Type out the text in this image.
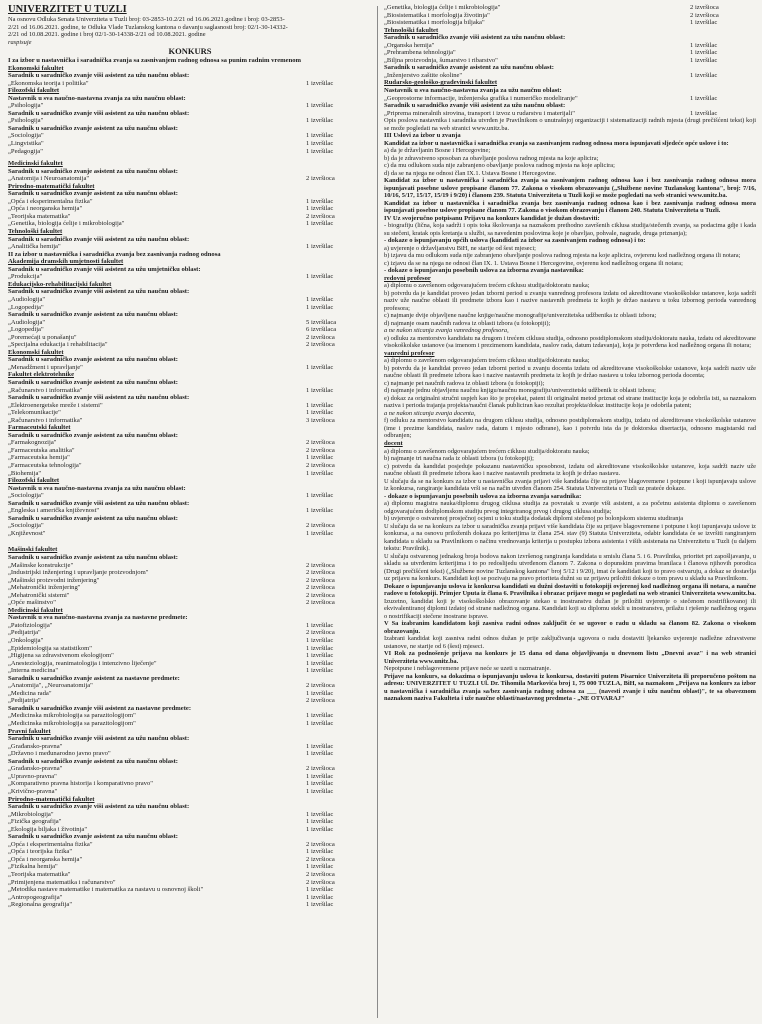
UNIVERZITET U TUZLI
Na osnovu Odluka Senata Univerziteta u Tuzli broj: 03-2853-10.2/21 od 16.06.2021.godine i broj: 03-2853-
2/21 od 16.06.2021. godine, te Odluka Vlade Tuzlanskog kantona o davanju saglasnosti broj: 02/1-30-14332-
2/21 od 10.08.2021. godine i broj 02/1-30-14338-2/21 od 10.08.2021. godine
raspisuje
KONKURS
I za izbor u nastavnička i saradnička zvanja sa zasnivanjem radnog odnosa sa punim radnim vremenom
Ekonomski fakultet
Saradnik u saradničko zvanje viši asistent za užu naučnu oblast:
„Ekonomska teorija i politika"	1 izvršilac
Filozofski fakultet
Nastavnik u sva naučno-nastavna zvanja za užu naučnu oblast:
„Psihologija"	1 izvršilac
Saradnik u saradničko zvanje viši asistent za užu naučnu oblast:
„Psihologija"	1 izvršilac
Saradnik u saradničko zvanje asistent za užu naučnu oblast:
„Sociologija"	1 izvršilac
„Lingvistika"	1 izvršilac
„Pedagogija"	1 izvršilac
Medicinski fakultet
Saradnik u saradničko zvanje asistent za užu naučnu oblast:
„Anatomija i Neuroanatomija"	2 izvršioca
Prirodno-matematički fakultet
Saradnik u saradničko zvanje asistent za užu naučnu oblast:
„Opća i eksperimentalna fizika"	1 izvršilac
„Opća i neorganska hemija"	1 izvršilac
„Teorijska matematika"	2 izvršioca
„Genetika, biologija ćelije i mikrobiologija"	1 izvršilac
Tehnološki fakultet
Saradnik u saradničko zvanje viši asistent za užu naučnu oblast:
„Analitička hemija"	1 izvršilac
II za izbor u nastavnička i saradnička zvanja bez zasnivanja radnog odnosa
Akademija dramskih umjetnosti fakultet
Saradnik u saradničko zvanje viši asistent za užu umjetničku oblast:
„Produkcija"	1 izvršilac
Edukacijsko-rehabilitacijski fakultet
Saradnik u saradničko zvanje viši asistent za užu naučnu oblast:
„Audiologija"	1 izvršilac
„Logopedija"	1 izvršilac
Saradnik u saradničko zvanje asistent za užu naučnu oblast:
„Audiologija"	5 izvršilaca
„Logopedija"	6 izvršilaca
„Poremećaji u ponašanju"	2 izvršioca
„Specijalna edukacija i rehabilitacija"	2 izvršioca
Ekonomski fakultet
Saradnik u saradničko zvanje asistent za užu naučnu oblast:
„Menadžment i upravljanje"	1 izvršilac
Fakultet elektrotehnike
Saradnik u saradničko zvanje asistent za užu naučnu oblast:
„Računarstvo i informatika"	1 izvršilac
Saradnik u saradničko zvanje viši asistent za užu naučnu oblast:
„Elektroenergetske mreže i sistemi"	1 izvršilac
„Telekomunikacije"	1 izvršilac
„Računarstvo i informatika"	3 izvršioca
Farmaceutski fakultet
Saradnik u saradničko zvanje asistent za užu naučnu oblast:
„Farmakognozija"	2 izvršioca
„Farmaceutska analitika"	2 izvršioca
„Farmaceutska hemija"	1 izvršilac
„Farmaceutska tehnologija"	2 izvršioca
„Biohemija"	1 izvršilac
Filozofski fakultet
Nastavnik u sva naučno-nastavna zvanja za užu naučnu oblast:
„Sociologija"	1 izvršilac
Saradnik u saradničko zvanje viši asistent za užu naučnu oblast:
„Engleska i američka književnost"	1 izvršilac
Saradnik u saradničko zvanje asistent za užu naučnu oblast:
„Sociologija"	2 izvršioca
„Književnost"	1 izvršilac
Mašinski fakultet
Saradnik u saradničko zvanje asistent za užu naučnu oblast:
„Mašinske konstrukcije"	2 izvršioca
„Industrijski inženjering i upravljanje proizvodnjom"	2 izvršioca
„Mašinski proizvodni inženjering"	2 izvršioca
„Mehatronički inženjering"	2 izvršioca
„Mehatronički sistemi"	2 izvršioca
„Opće mašinstvo"	2 izvršioca
Medicinski fakultet
Nastavnik u sva naučno-nastavna zvanja za nastavne predmete:
„Patofiziologija"	1 izvršilac
„Pedijatrija"	2 izvršioca
„Onkologija"	1 izvršilac
„Epidemiologija sa statistikom"	1 izvršilac
„Higijena sa zdravstvenom ekologijom"	1 izvršilac
„Anesteziologija, reanimatologija i intenzivno liječenje"	1 izvršilac
„Interna medicina"	1 izvršilac
Saradnik u saradničko zvanje asistent za nastavne predmete:
„Anatomija", „Neuroanatomija"	2 izvršioca
„Medicina rada"	1 izvršilac
„Pedijatrija"	2 izvršioca
Saradnik u saradničko zvanje viši asistent za nastavne predmete:
„Medicinska mikrobiologija sa parazitologijom"	1 izvršilac
„Medicinska mikrobiologija sa parazitologijom"	1 izvršilac
Pravni fakultet
Saradnik u saradničko zvanje viši asistent za užu naučnu oblast:
„Građansko-pravna"	1 izvršilac
„Državno i međunarodno javno pravo"	1 izvršilac
Saradnik u saradničko zvanje asistent za užu naučnu oblast:
„Građansko-pravna"	2 izvršioca
„Upravno-pravna"	1 izvršilac
„Komparativno pravna historija i komparativno pravo"	1 izvršilac
„Krivično-pravna"	1 izvršilac
Prirodno-matematički fakultet
Saradnik u saradničko zvanje viši asistent za užu naučnu oblast:
„Mikrobiologija"	1 izvršilac
„Fizička geografija"	1 izvršilac
„Ekologija biljaka i životinja"	1 izvršilac
Saradnik u saradničko zvanje asistent za užu naučnu oblast:
„Opća i eksperimentalna fizika"	2 izvršioca
„Opća i teorijska fizika"	1 izvršilac
„Opća i neorganska hemija"	2 izvršioca
„Fizikalna hemija"	1 izvršilac
„Teorijska matematika"	2 izvršioca
„Primijenjena matematika i računarstvo"	2 izvršioca
„Metodika nastave matematike i matematika za nastavu u osnovnoj školi"	1 izvršilac
„Antropogeografija"	1 izvršilac
„Regionalna geografija"	1 izvršilac
„Genetika, biologija ćelije i mikrobiologija"	2 izvršioca
„Biosistematika i morfologija životinja"	2 izvršioca
„Biosistematika i morfologija biljaka"	1 izvršilac
Tehnološki fakultet
Saradnik u saradničko zvanje viši asistent za užu naučnu oblast:
„Organska hemija"	1 izvršilac
„Prehrambena tehnologija"	1 izvršilac
„Biljna proizvodnja, šumarstvo i ribarstvo"	1 izvršilac
Saradnik u saradničko zvanje asistent za užu naučnu oblast:
„Inženjerstvo zaštite okoline"	1 izvršilac
Rudarsko-geološko-građevinski fakultet
Nastavnik u sva naučno-nastavna zvanja za užu naučnu oblast:
„Geoprostorne informacije, inženjerska grafika i numeričko modeliranje"	1 izvršilac
Saradnik u saradničko zvanje viši asistent za užu naučnu oblast:
„Priprema mineralnih sirovina, transport i izvoz u rudarstvu i materijali"	1 izvršilac
Opis poslova nastavnika i saradnika utvrđen je Pravilnikom o unutrašnjoj organizaciji i sistematizaciji radnih mjesta (drugi prečišćeni tekst) koji se može pogledati na web stranici www.unitz.ba.
III Uslovi za izbor u zvanja
Kandidat za izbor u nastavnička i saradnička zvanja sa zasnivanjem radnog odnosa mora ispunjavati sljedeće opće uslove i to:
a) da je državljanin Bosne i Hercegovine;
b) da je zdravstveno sposoban za obavljanje poslova radnog mjesta na koje aplicira;
c) da mu odlukom suda nije zabranjeno obavljanje poslova radnog mjesta na koje aplicira;
d) da se na njega ne odnosi član IX.1. Ustava Bosne i Hercegovine.
Kandidat za izbor u nastavnička i saradnička zvanja sa zasnivanjem radnog odnosa kao i bez zasnivanja radnog odnosa mora ispunjavati posebne uslove propisane članom 77. Zakona o visokom obrazovanju („Službene novine Tuzlanskog kantona", broj: 7/16, 10/16, 5/17, 15/17, 15/19 i 9/20) i članom 239. Statuta Univerziteta u Tuzli koji se može pogledati na web stranici www.unitz.ba.
Kandidat za izbor u nastavnička i saradnička zvanja bez zasnivanja radnog odnosa kao i bez zasnivanja radnog odnosa mora ispunjavati posebne uslove propisane članom 77. Zakona o visokom obrazovanju i članom 240. Statuta Univerziteta u Tuzli.
IV Uz svojeručno potpisanu Prijavu na konkurs kandidat je dužan dostaviti:
- biografiju (lična, koja sadrži i opis toka školovanja sa naznakom prethodno završenih ciklusa studija/stečenih zvanja, sa podacima gdje i kada su stečeni, kratak opis kretanja u službi, sa navedenim poslovima koje je obavljao, pohvale, nagrade, druga priznanja);
- dokaze o ispunjavanju općih uslova (kandidati za izbor sa zasnivanjem radnog odnosa) i to:
a) uvjerenje o državljanstvu BiH, ne starije od šest mjeseci;
b) izjavu da mu odlukom suda nije zabranjeno obavljanje poslova radnog mjesta na koje aplicira, ovjerenu kod nadležnog organa ili notara;
c) izjavu da se na njega ne odnosi član IX. 1. Ustava Bosne i Hercegovine, ovjerenu kod nadležnog organa ili notara;
- dokaze o ispunjavanju posebnih uslova za izborna zvanja nastavnika:
redovni profesor
a) diplomu o završenom odgovarajućem trećem ciklusu studija/doktoratu nauka;
b) potvrdu da je kandidat proveo jedan izborni period u zvanju vanrednog profesora izdatu od akreditovane visokoškolske ustanove, koja sadrži naziv uže naučne oblasti ili predmete izbora kao i nazive nastavnih predmeta iz kojih je držao nastavu u toku izbornog perioda vanrednog profesora;
c) najmanje dvije objavljene naučne knjige/naučne monografije/univerzitetska udžbenika iz oblasti izbora;
d) najmanje osam naučnih radova iz oblasti izbora (u fotokopiji);
a ne nakon sticanja zvanja vanrednog profesora,
e) odluku za mentorstvo kandidatu na drugom i trećem ciklusu studija, odnosno postdiplomskom studiju/doktoratu nauka, izdatu od akreditovane visokoškolske ustanove (sa imenom i prezimenom kandidata, naslov rada, datum izdavanja), koja je potvrđena kod nadležnog organa ili notara;
vanredni profesor
a) diplomu o završenom odgovarajućem trećem ciklusu studija/doktoratu nauka;
b) potvrdu da je kandidat proveo jedan izborni period u zvanju docenta izdatu od akreditovane visokoškolske ustanove, koja sadrži naziv uže naučne oblasti ili predmete izbora kao i nazive nastavnih predmeta iz kojih je držao nastavu u toku izbornog perioda docenta;
c) najmanje pet naučnih radova iz oblasti izbora (u fotokopiji);
d) najmanje jednu objavljenu naučnu knjigu/naučnu monografiju/univerzitetski udžbenik iz oblasti izbora;
e) dokaz za originalni stručni uspjeh kao što je projekat, patent ili originalni metod priznat od strane institucije koja je odobrila isti, sa naznakom naziva i perioda trajanja projekta/naučni članak publiciran kao rezultat projekta/dokaz institucije koja je odobrila patent;
a ne nakon sticanja zvanja docenta,
f) odluku za mentorstvo kandidatu na drugom ciklusu studija, odnosno postdiplomskom studiju, izdatu od akreditovane visokoškolske ustanove (ime i prezime kandidata, naslov rada, datum i mjesto odbrane), kao i potvrdu ista da je doktorska disertacija, odnosno magistarski rad odbranjen;
docent
a) diplomu o završenom odgovarajućem trećem ciklusu studija/doktoratu nauka;
b) najmanje tri naučna rada iz oblasti izbora (u fotokopiji);
c) potvrdu da kandidat posjeduje pokazanu nastavničku sposobnost, izdatu od akreditovane visokoškolske ustanove, koja sadrži naziv uže naučne oblasti ili predmete izbora kao i nazive nastavnih predmeta iz kojih je držao nastavu.
U slučaju da se na konkurs za izbor u nastavnička zvanja prijavi više kandidata čije su prijave blagovremene i potpune i koji ispunjavaju uslove iz konkursa, rangiranje kandidata vrši se na način utvrđen članom 254. Statuta Univerziteta u Tuzli uz prateće dokaze.
- dokaze o ispunjavanju posebnih uslova za izborna zvanja saradnika:
a) diplomu magistra nauka/diplomu drugog ciklusa studija za povratak u zvanje viši asistent, a za početnu asistenta diplomu o završenom odgovarajućem dodiplomskom studiju prvog integriranog prvog i drugog ciklusa studija;
b) uvjerenje o ostvarenoj prosječnoj ocjeni u toku studija dodatak diplomi stečenoj po bolonjskom sistemu studiranja
U slučaju da se na konkurs za izbor u saradnička zvanja prijavi više kandidata čije su prijave blagovremene i potpune i koji ispunjavaju uslove iz konkursa, a na osnovu priloženih dokaza po kriterijima iz člana 254. stav (9) Statuta Univerziteta, odabir kandidata će se izvršiti rangiranjem kandidata u skladu sa Pravilnikom o načinu vrednovanja kriterija u postupku izbora asistenta i viših asistenata na Univerzitetu u Tuzli (u daljem tekstu: Pravilnik).
U slučaju ostvarenog jednakog broja bodova nakon izvršenog rangiranja kandidata u smislu člana 5. i 6. Pravilnika, prioritet pri zapošljavanju, u skladu sa utvrđenim kriterijima i to po redoslijedu utvrđenom članom 7. Zakona o dopunskim pravima branilaca i članova njihovih porodica (Drugi prečišćeni tekst) („Službene novine Tuzlanskog kantona" broj 5/12 i 9/20), imat će kandidati koji to pravo ostvaruju, a dokaz se dostavlja uz prijavu na konkurs. Kandidati koji se pozivaju na pravo prioriteta dužni su uz prijavu priložiti dokaze o tom pravu u skladu sa Pravilnikom.
Dokaze o ispunjavanju uslova iz konkursa kandidati su dužni dostaviti u fotokopiji ovjerenoj kod nadležnog organa ili notara, a naučne radove u fotokopiji. Primjer Uputa iz člana 6. Pravilnika i obrazac prijave mogu se pogledati na web stranici Univerziteta www.unitz.ba.
Izuzetno, kandidat koji je visokoškolsko obrazovanje stekao u inostranstvu dužan je priložiti uvjerenje o stečenom nostrifikovanoj ili ekvivalentiranoj diplomi izdatoj od strane nadležnog organa. Kandidati koji su diplomu stekli u inostranstvu, prilažu i rješenje nadležnog organa o nostrifikaciji stečene inostrane isprave.
V Sa izabranim kandidatom koji zasniva radni odnos zaključit će se ugovor o radu u skladu sa članom 82. Zakona o visokom obrazovanju.
Izabrani kandidat koji zasniva radni odnos dužan je prije zaključivanja ugovora o radu dostaviti ljekarsko uvjerenje nadležne zdravstvene ustanove, ne starije od 6 (šest) mjeseci.
VI Rok za podnošenje prijava na konkurs je 15 dana od dana objavljivanja u dnevnom listu „Dnevni avaz" i na web stranici Univerziteta www.unitz.ba.
Nepotpune i neblagovremene prijave neće se uzeti u razmatranje.
Prijave na konkurs, sa dokazima o ispunjavanju uslova iz konkursa, dostaviti putem Pisarnice Univerziteta ili preporučeno poštom na adresu: UNIVERZITET U TUZLI Ul. Dr. Tihomila Markovića broj 1, 75 000 TUZLA, BiH, sa naznakom „Prijava na konkurs za izbor u nastavnička i saradnička zvanja sa/bez zasnivanja radnog odnosa za ___ (navesti zvanje i užu naučnu oblast)", te sa obaveznom naznakom naziva Fakulteta i uže naučne oblasti/nastavnog predmeta - „NE OTVARAJ"
